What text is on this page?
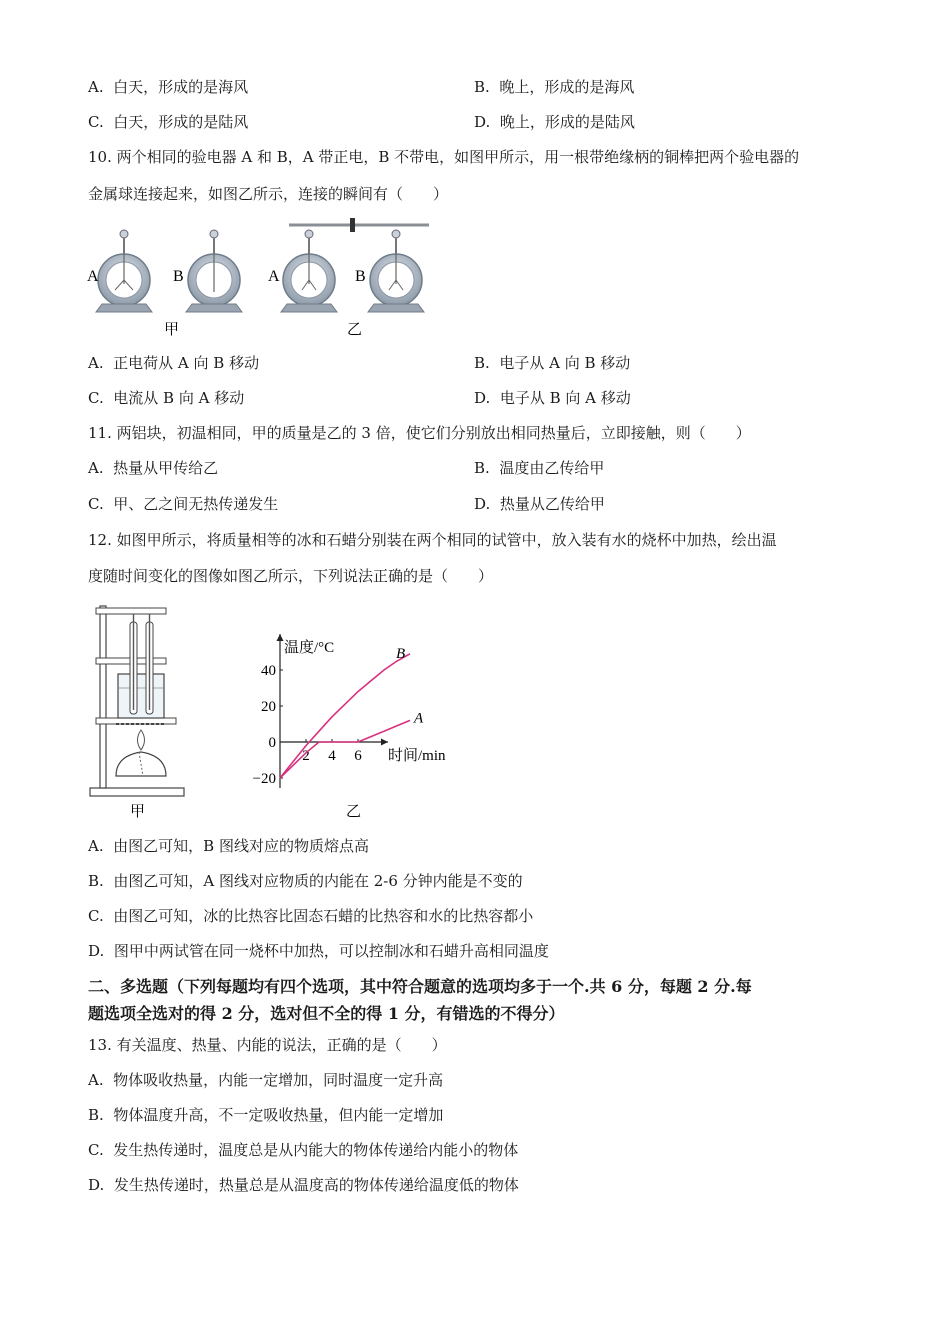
A. 白天，形成的是海风	B. 晚上，形成的是海风
C. 白天，形成的是陆风	D. 晚上，形成的是陆风
10. 两个相同的验电器 A 和 B，A 带正电，B 不带电，如图甲所示，用一根带绝缘柄的铜棒把两个验电器的
金属球连接起来，如图乙所示，连接的瞬间有（　　）
A	B	A	B
甲	乙
A. 正电荷从 A 向 B 移动	B. 电子从 A 向 B 移动
C. 电流从 B 向 A 移动	D. 电子从 B 向 A 移动
11. 两铝块，初温相同，甲的质量是乙的 3 倍，使它们分别放出相同热量后，立即接触，则（　　）
A. 热量从甲传给乙	B. 温度由乙传给甲
C. 甲、乙之间无热传递发生	D. 热量从乙传给甲
12. 如图甲所示，将质量相等的冰和石蜡分别装在两个相同的试管中，放入装有水的烧杯中加热，绘出温
度随时间变化的图像如图乙所示，下列说法正确的是（　　）
甲
温度/°C
时间/min
40
20
0
−20
2 4 6
B
A
乙
A. 由图乙可知，B 图线对应的物质熔点高
B. 由图乙可知，A 图线对应物质的内能在 2-6 分钟内能是不变的
C. 由图乙可知，冰的比热容比固态石蜡的比热容和水的比热容都小
D. 图甲中两试管在同一烧杯中加热，可以控制冰和石蜡升高相同温度
二、多选题（下列每题均有四个选项，其中符合题意的选项均多于一个.共 6 分，每题 2 分.每
题选项全选对的得 2 分，选对但不全的得 1 分，有错选的不得分）
13. 有关温度、热量、内能的说法，正确的是（　　）
A. 物体吸收热量，内能一定增加，同时温度一定升高
B. 物体温度升高，不一定吸收热量，但内能一定增加
C. 发生热传递时，温度总是从内能大的物体传递给内能小的物体
D. 发生热传递时，热量总是从温度高的物体传递给温度低的物体
